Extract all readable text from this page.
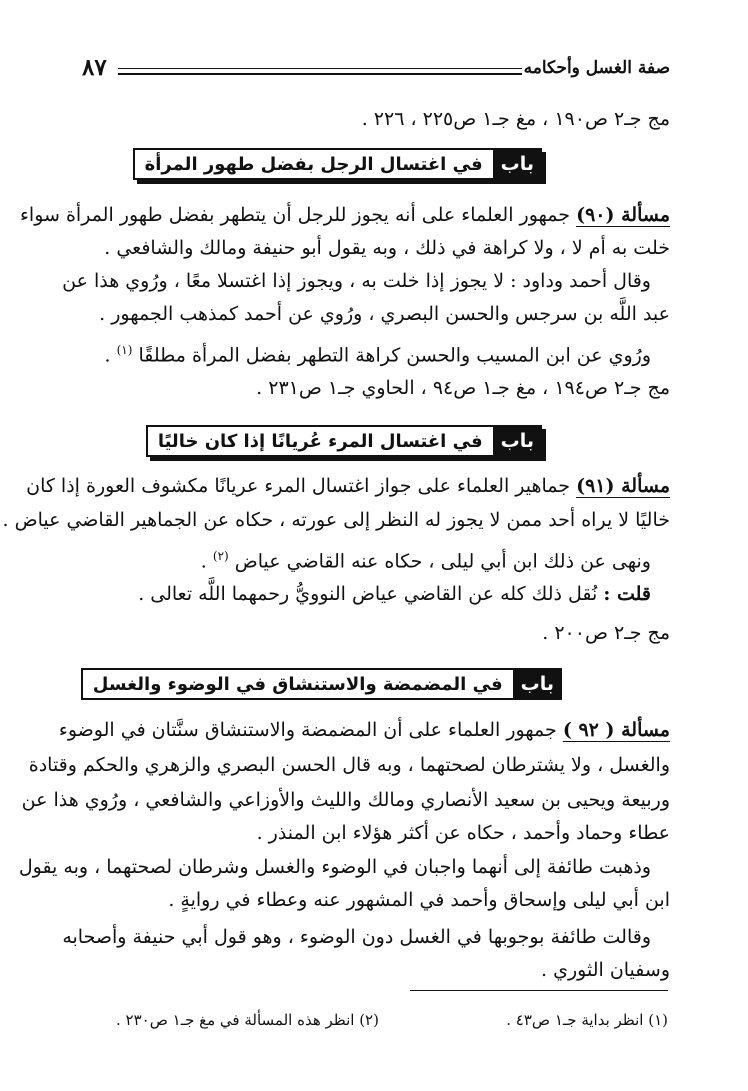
صفة الغسل وأحكامه
٨٧
مج جـ٢ ص١٩٠ ، مغ جـ١ ص٢٢٥ ، ٢٢٦ .
باب
في اغتسال الرجل بفضل طهور المرأة
مسألة (٩٠) جمهور العلماء على أنه يجوز للرجل أن يتطهر بفضل طهور المرأة سواء
خلت به أم لا ، ولا كراهة في ذلك ، وبه يقول أبو حنيفة ومالك والشافعي .
وقال أحمد وداود : لا يجوز إذا خلت به ، ويجوز إذا اغتسلا معًا ، ورُوي هذا عن
عبد اللَّه بن سرجس والحسن البصري ، ورُوي عن أحمد كمذهب الجمهور .
ورُوي عن ابن المسيب والحسن كراهة التطهر بفضل المرأة مطلقًا $^{(١)}$ .
مج جـ٢ ص١٩٤ ، مغ جـ١ ص٩٤ ، الحاوي جـ١ ص٢٣١ .
باب
في اغتسال المرء عُريانًا إذا كان خاليًا
مسألة (٩١) جماهير العلماء على جواز اغتسال المرء عريانًا مكشوف العورة إذا كان
خاليًا لا يراه أحد ممن لا يجوز له النظر إلى عورته ، حكاه عن الجماهير القاضي عياض .
ونهى عن ذلك ابن أبي ليلى ، حكاه عنه القاضي عياض $^{(٢)}$ .
قلت : نُقل ذلك كله عن القاضي عياض النوويُّ رحمهما اللَّه تعالى .
مج جـ٢ ص٢٠٠ .
باب
في المضمضة والاستنشاق في الوضوء والغسل
مسألة ( ٩٢ ) جمهور العلماء على أن المضمضة والاستنشاق سنَّتان في الوضوء
والغسل ، ولا يشترطان لصحتهما ، وبه قال الحسن البصري والزهري والحكم وقتادة
وربيعة ويحيى بن سعيد الأنصاري ومالك والليث والأوزاعي والشافعي ، ورُوي هذا عن
عطاء وحماد وأحمد ، حكاه عن أكثر هؤلاء ابن المنذر .
وذهبت طائفة إلى أنهما واجبان في الوضوء والغسل وشرطان لصحتهما ، وبه يقول
ابن أبي ليلى وإسحاق وأحمد في المشهور عنه وعطاء في روايةٍ .
وقالت طائفة بوجوبها في الغسل دون الوضوء ، وهو قول أبي حنيفة وأصحابه
وسفيان الثوري .
(١) انظر بداية جـ١ ص٤٣ .
(٢) انظر هذه المسألة في مغ جـ١ ص٢٣٠ .
